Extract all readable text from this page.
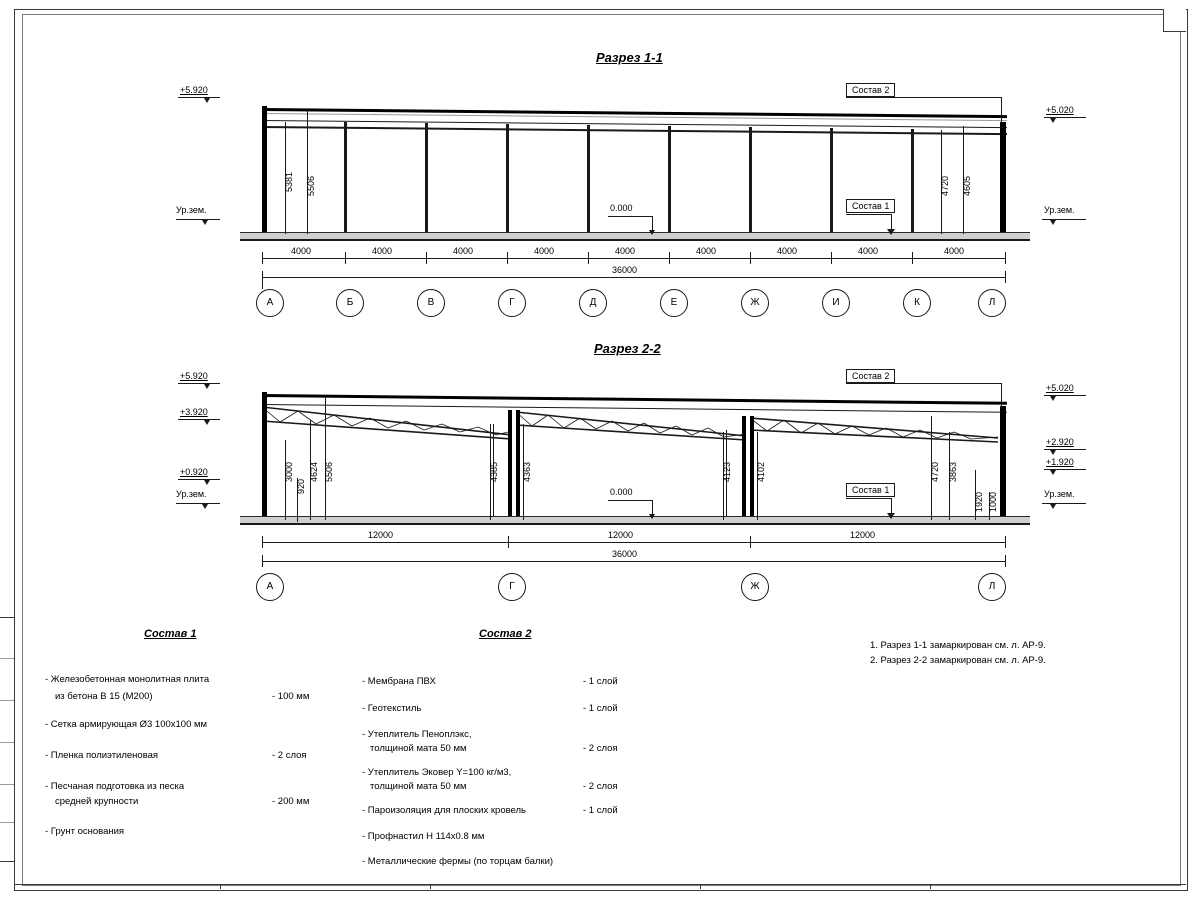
Разрез 1-1
+5.920
+5.020
Ур.зем.	Ур.зем.
0.000
5381 5506	4720 4605
Состав 2
Состав 1
4000	4000	4000	4000	4000	4000	4000	4000	4000
36000
А	Б	В	Г	Д	Е	Ж	И	К	Л
Разрез 2-2
+5.920
+3.920
+0.920
+5.020
+2.920
+1.920
Ур.зем.	Ур.зем.
0.000
3000
920
4624 5506	4385	4363	4123	4102	4720 3863
1920 1000
Состав 2
Состав 1
12000	12000	12000
36000
А	Г	Ж	Л
Состав 1
- Железобетонная монолитная плита
из бетона В 15 (М200)	- 100 мм
- Сетка армирующая Ø3 100х100 мм
- Пленка полиэтиленовая	- 2 слоя
- Песчаная подготовка из песка
средней крупности	- 200 мм
- Грунт основания
Состав 2
- Мембрана ПВХ	- 1 слой
- Геотекстиль	- 1 слой
- Утеплитель Пеноплэкс,
толщиной мата 50 мм	- 2 слоя
- Утеплитель Эковер Y=100 кг/м3,
толщиной мата 50 мм	- 2 слоя
- Пароизоляция для плоских кровель	- 1 слой
- Профнастил Н 114х0.8 мм
- Металлические фермы (по торцам балки)
1. Разрез 1-1 замаркирован см. л. АР-9.
2. Разрез 2-2 замаркирован см. л. АР-9.
